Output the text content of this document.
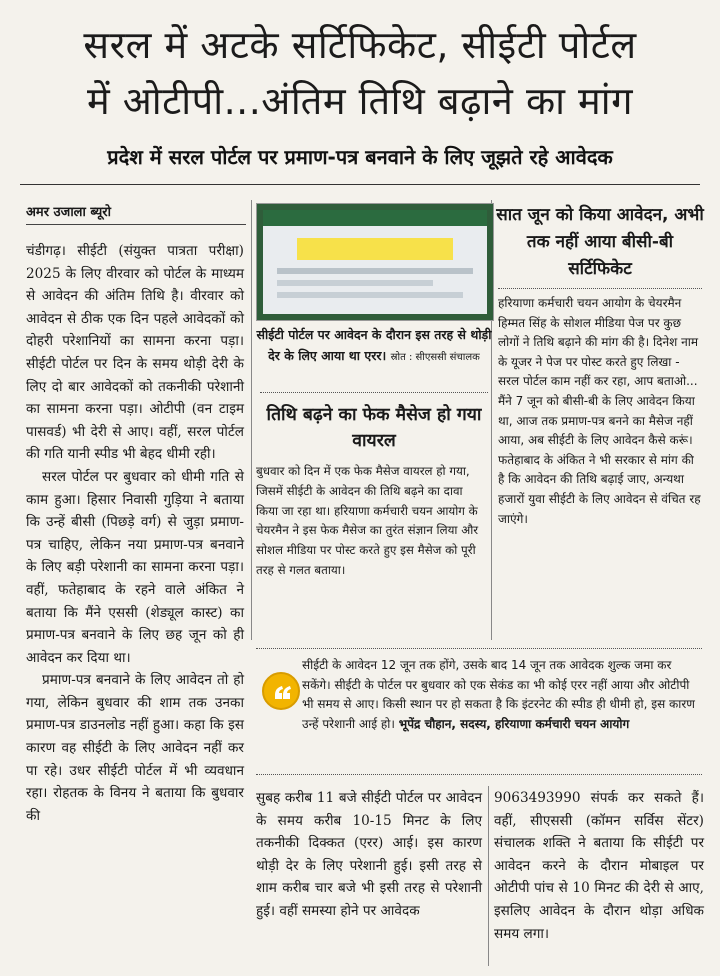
सरल में अटके सर्टिफिकेट, सीईटी पोर्टल
में ओटीपी...अंतिम तिथि बढ़ाने का मांग
प्रदेश में सरल पोर्टल पर प्रमाण-पत्र बनवाने के लिए जूझते रहे आवेदक
अमर उजाला ब्यूरो

चंडीगढ़। सीईटी (संयुक्त पात्रता परीक्षा) 2025 के लिए वीरवार को पोर्टल के माध्यम से आवेदन की अंतिम तिथि है। वीरवार को आवेदन से ठीक एक दिन पहले आवेदकों को दोहरी परेशानियों का सामना करना पड़ा। सीईटी पोर्टल पर दिन के समय थोड़ी देरी के लिए दो बार आवेदकों को तकनीकी परेशानी का सामना करना पड़ा। ओटीपी (वन टाइम पासवर्ड) भी देरी से आए। वहीं, सरल पोर्टल की गति यानी स्पीड भी बेहद धीमी रही।

सरल पोर्टल पर बुधवार को धीमी गति से काम हुआ। हिसार निवासी गुड़िया ने बताया कि उन्हें बीसी (पिछड़े वर्ग) से जुड़ा प्रमाण-पत्र चाहिए, लेकिन नया प्रमाण-पत्र बनवाने के लिए बड़ी परेशानी का सामना करना पड़ा। वहीं, फतेहाबाद के रहने वाले अंकित ने बताया कि मैंने एससी (शेड्यूल कास्ट) का प्रमाण-पत्र बनवाने के लिए छह जून को ही आवेदन कर दिया था।

प्रमाण-पत्र बनवाने के लिए आवेदन तो हो गया, लेकिन बुधवार की शाम तक उनका प्रमाण-पत्र डाउनलोड नहीं हुआ। कहा कि इस कारण वह सीईटी के लिए आवेदन नहीं कर पा रहे। उधर सीईटी पोर्टल में भी व्यवधान रहा। रोहतक के विनय ने बताया कि बुधवार की

सीईटी पोर्टल पर आवेदन के दौरान इस तरह से थोड़ी देर के लिए आया था एरर। स्रोत : सीएससी संचालक
तिथि बढ़ने का फेक मैसेज हो गया वायरल
बुधवार को दिन में एक फेक मैसेज वायरल हो गया, जिसमें सीईटी के आवेदन की तिथि बढ़ने का दावा किया जा रहा था। हरियाणा कर्मचारी चयन आयोग के चेयरमैन ने इस फेक मैसेज का तुरंत संज्ञान लिया और सोशल मीडिया पर पोस्ट करते हुए इस मैसेज को पूरी तरह से गलत बताया।
सात जून को किया आवेदन, अभी तक नहीं आया बीसी-बी सर्टिफिकेट
हरियाणा कर्मचारी चयन आयोग के चेयरमैन हिम्मत सिंह के सोशल मीडिया पेज पर कुछ लोगों ने तिथि बढ़ाने की मांग की है। दिनेश नाम के यूजर ने पेज पर पोस्ट करते हुए लिखा - सरल पोर्टल काम नहीं कर रहा, आप बताओ... मैंने 7 जून को बीसी-बी के लिए आवेदन किया था, आज तक प्रमाण-पत्र बनने का मैसेज नहीं आया, अब सीईटी के लिए आवेदन कैसे करूं। फतेहाबाद के अंकित ने भी सरकार से मांग की है कि आवेदन की तिथि बढ़ाई जाए, अन्यथा हजारों युवा सीईटी के लिए आवेदन से वंचित रह जाएंगे।
सीईटी के आवेदन 12 जून तक होंगे, उसके बाद 14 जून तक आवेदक शुल्क जमा कर सकेंगे। सीईटी के पोर्टल पर बुधवार को एक सेकंड का भी कोई एरर नहीं आया और ओटीपी भी समय से आए। किसी स्थान पर हो सकता है कि इंटरनेट की स्पीड ही धीमी हो, इस कारण उन्हें परेशानी आई हो। भूपेंद्र चौहान, सदस्य, हरियाणा कर्मचारी चयन आयोग
सुबह करीब 11 बजे सीईटी पोर्टल पर आवेदन के समय करीब 10-15 मिनट के लिए तकनीकी दिक्कत (एरर) आई। इस कारण थोड़ी देर के लिए परेशानी हुई। इसी तरह से शाम करीब चार बजे भी इसी तरह से परेशानी हुई। वहीं समस्या होने पर आवेदक
9063493990 संपर्क कर सकते हैं। वहीं, सीएससी (कॉमन सर्विस सेंटर) संचालक शक्ति ने बताया कि सीईटी पर आवेदन करने के दौरान मोबाइल पर ओटीपी पांच से 10 मिनट की देरी से आए, इसलिए आवेदन के दौरान थोड़ा अधिक समय लगा।
